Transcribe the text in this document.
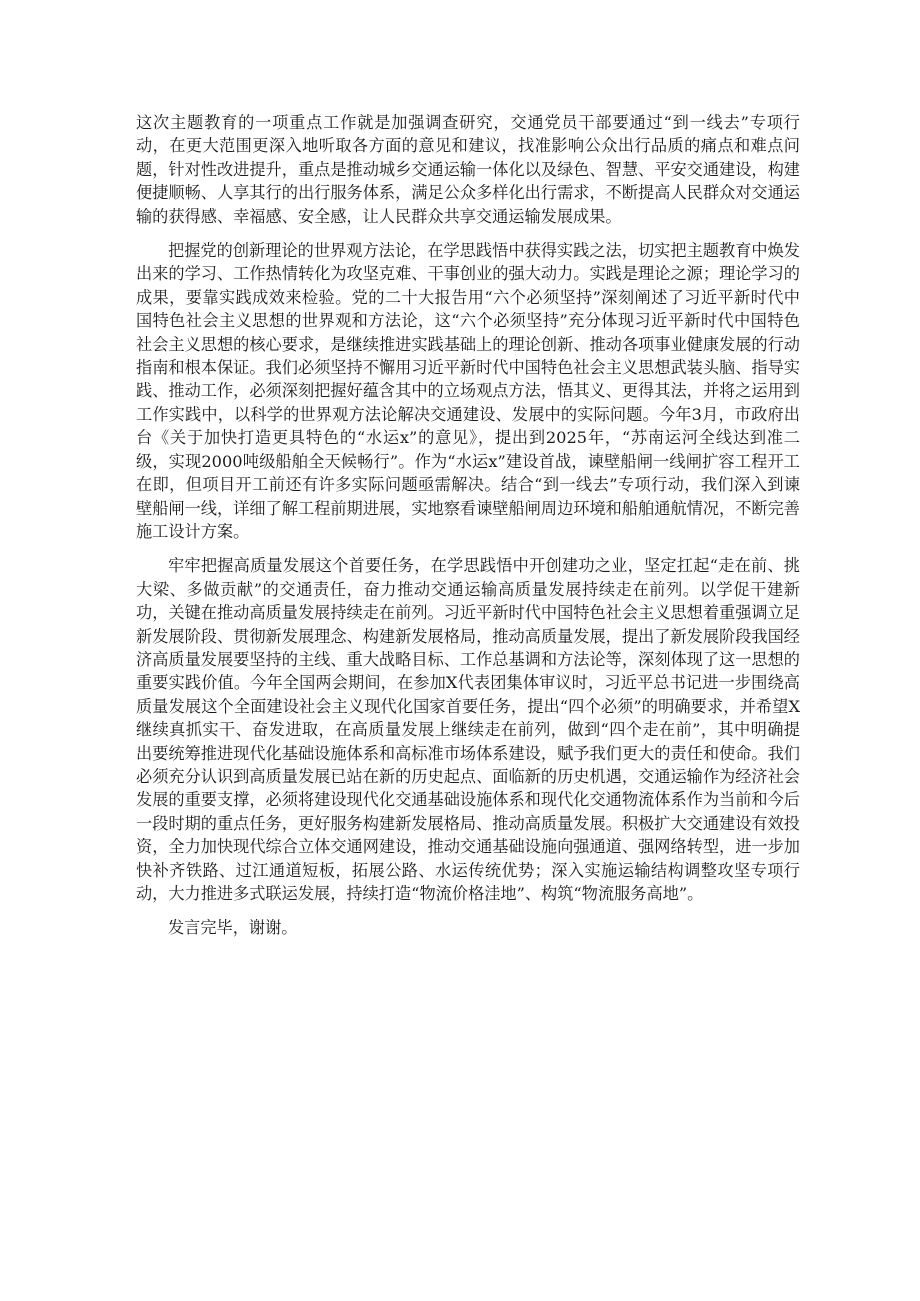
这次主题教育的一项重点工作就是加强调查研究，交通党员干部要通过“到一线去”专项行动，在更大范围更深入地听取各方面的意见和建议，找准影响公众出行品质的痛点和难点问题，针对性改进提升，重点是推动城乡交通运输一体化以及绿色、智慧、平安交通建设，构建便捷顺畅、人享其行的出行服务体系，满足公众多样化出行需求，不断提高人民群众对交通运输的获得感、幸福感、安全感，让人民群众共享交通运输发展成果。

把握党的创新理论的世界观方法论，在学思践悟中获得实践之法，切实把主题教育中焕发出来的学习、工作热情转化为攻坚克难、干事创业的强大动力。实践是理论之源；理论学习的成果，要靠实践成效来检验。党的二十大报告用“六个必须坚持”深刻阐述了习近平新时代中国特色社会主义思想的世界观和方法论，这“六个必须坚持”充分体现习近平新时代中国特色社会主义思想的核心要求，是继续推进实践基础上的理论创新、推动各项事业健康发展的行动指南和根本保证。我们必须坚持不懈用习近平新时代中国特色社会主义思想武装头脑、指导实践、推动工作，必须深刻把握好蕴含其中的立场观点方法，悟其义、更得其法，并将之运用到工作实践中，以科学的世界观方法论解决交通建设、发展中的实际问题。今年3月，市政府出台《关于加快打造更具特色的“水运x”的意见》，提出到2025年，“苏南运河全线达到准二级，实现2000吨级船舶全天候畅行”。作为“水运x”建设首战，谏壁船闸一线闸扩容工程开工在即，但项目开工前还有许多实际问题亟需解决。结合“到一线去”专项行动，我们深入到谏壁船闸一线，详细了解工程前期进展，实地察看谏壁船闸周边环境和船舶通航情况，不断完善施工设计方案。

牢牢把握高质量发展这个首要任务，在学思践悟中开创建功之业，坚定扛起“走在前、挑大梁、多做贡献”的交通责任，奋力推动交通运输高质量发展持续走在前列。以学促干建新功，关键在推动高质量发展持续走在前列。习近平新时代中国特色社会主义思想着重强调立足新发展阶段、贯彻新发展理念、构建新发展格局，推动高质量发展，提出了新发展阶段我国经济高质量发展要坚持的主线、重大战略目标、工作总基调和方法论等，深刻体现了这一思想的重要实践价值。今年全国两会期间，在参加X代表团集体审议时，习近平总书记进一步围绕高质量发展这个全面建设社会主义现代化国家首要任务，提出“四个必须”的明确要求，并希望X继续真抓实干、奋发进取，在高质量发展上继续走在前列，做到“四个走在前”，其中明确提出要统筹推进现代化基础设施体系和高标准市场体系建设，赋予我们更大的责任和使命。我们必须充分认识到高质量发展已站在新的历史起点、面临新的历史机遇，交通运输作为经济社会发展的重要支撑，必须将建设现代化交通基础设施体系和现代化交通物流体系作为当前和今后一段时期的重点任务，更好服务构建新发展格局、推动高质量发展。积极扩大交通建设有效投资，全力加快现代综合立体交通网建设，推动交通基础设施向强通道、强网络转型，进一步加快补齐铁路、过江通道短板，拓展公路、水运传统优势；深入实施运输结构调整攻坚专项行动，大力推进多式联运发展，持续打造“物流价格洼地”、构筑“物流服务高地”。

发言完毕，谢谢。
